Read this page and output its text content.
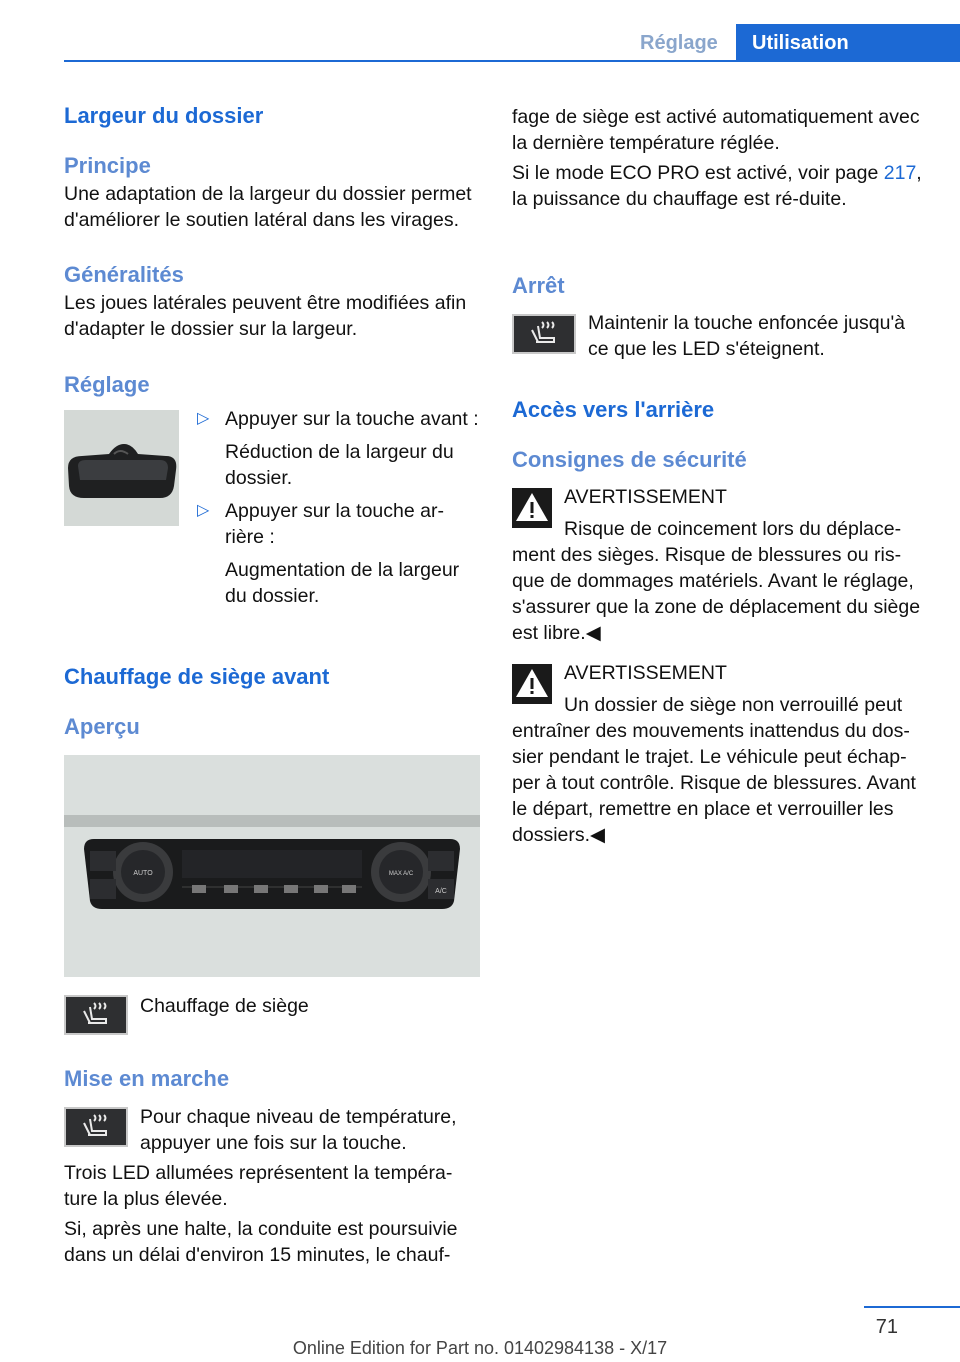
Réglage	Utilisation
Largeur du dossier
Principe

Une adaptation de la largeur du dossier permet d'améliorer le soutien latéral dans les virages.

Généralités

Les joues latérales peuvent être modifiées afin d'adapter le dossier sur la largeur.

Réglage
▷ Appuyer sur la touche avant :

Réduction de la largeur du dossier.

▷ Appuyer sur la touche ar‐rière :

Augmentation de la largeur du dossier.

Chauffage de siège avant
Aperçu
AUTO	MAX A/C
A/C

Chauffage de siège

Mise en marche

Pour chaque niveau de température, appuyer une fois sur la touche.

Trois LED allumées représentent la tempéra‐ture la plus élevée.

Si, après une halte, la conduite est poursuivie dans un délai d'environ 15 minutes, le chauf‐

fage de siège est activé automatiquement avec la dernière température réglée.

Si le mode ECO PRO est activé, voir page 217, la puissance du chauffage est ré‐duite.

Arrêt

Maintenir la touche enfoncée jusqu'à ce que les LED s'éteignent.

Accès vers l'arrière
Consignes de sécurité

AVERTISSEMENT

Risque de coincement lors du déplace‐ment des sièges. Risque de blessures ou ris‐que de dommages matériels. Avant le réglage, s'assurer que la zone de déplacement du siège est libre.◀

AVERTISSEMENT

Un dossier de siège non verrouillé peut entraîner des mouvements inattendus du dos‐sier pendant le trajet. Le véhicule peut échap‐per à tout contrôle. Risque de blessures. Avant le départ, remettre en place et verrouiller les dossiers.◀

71
Online Edition for Part no. 01402984138 - X/17
